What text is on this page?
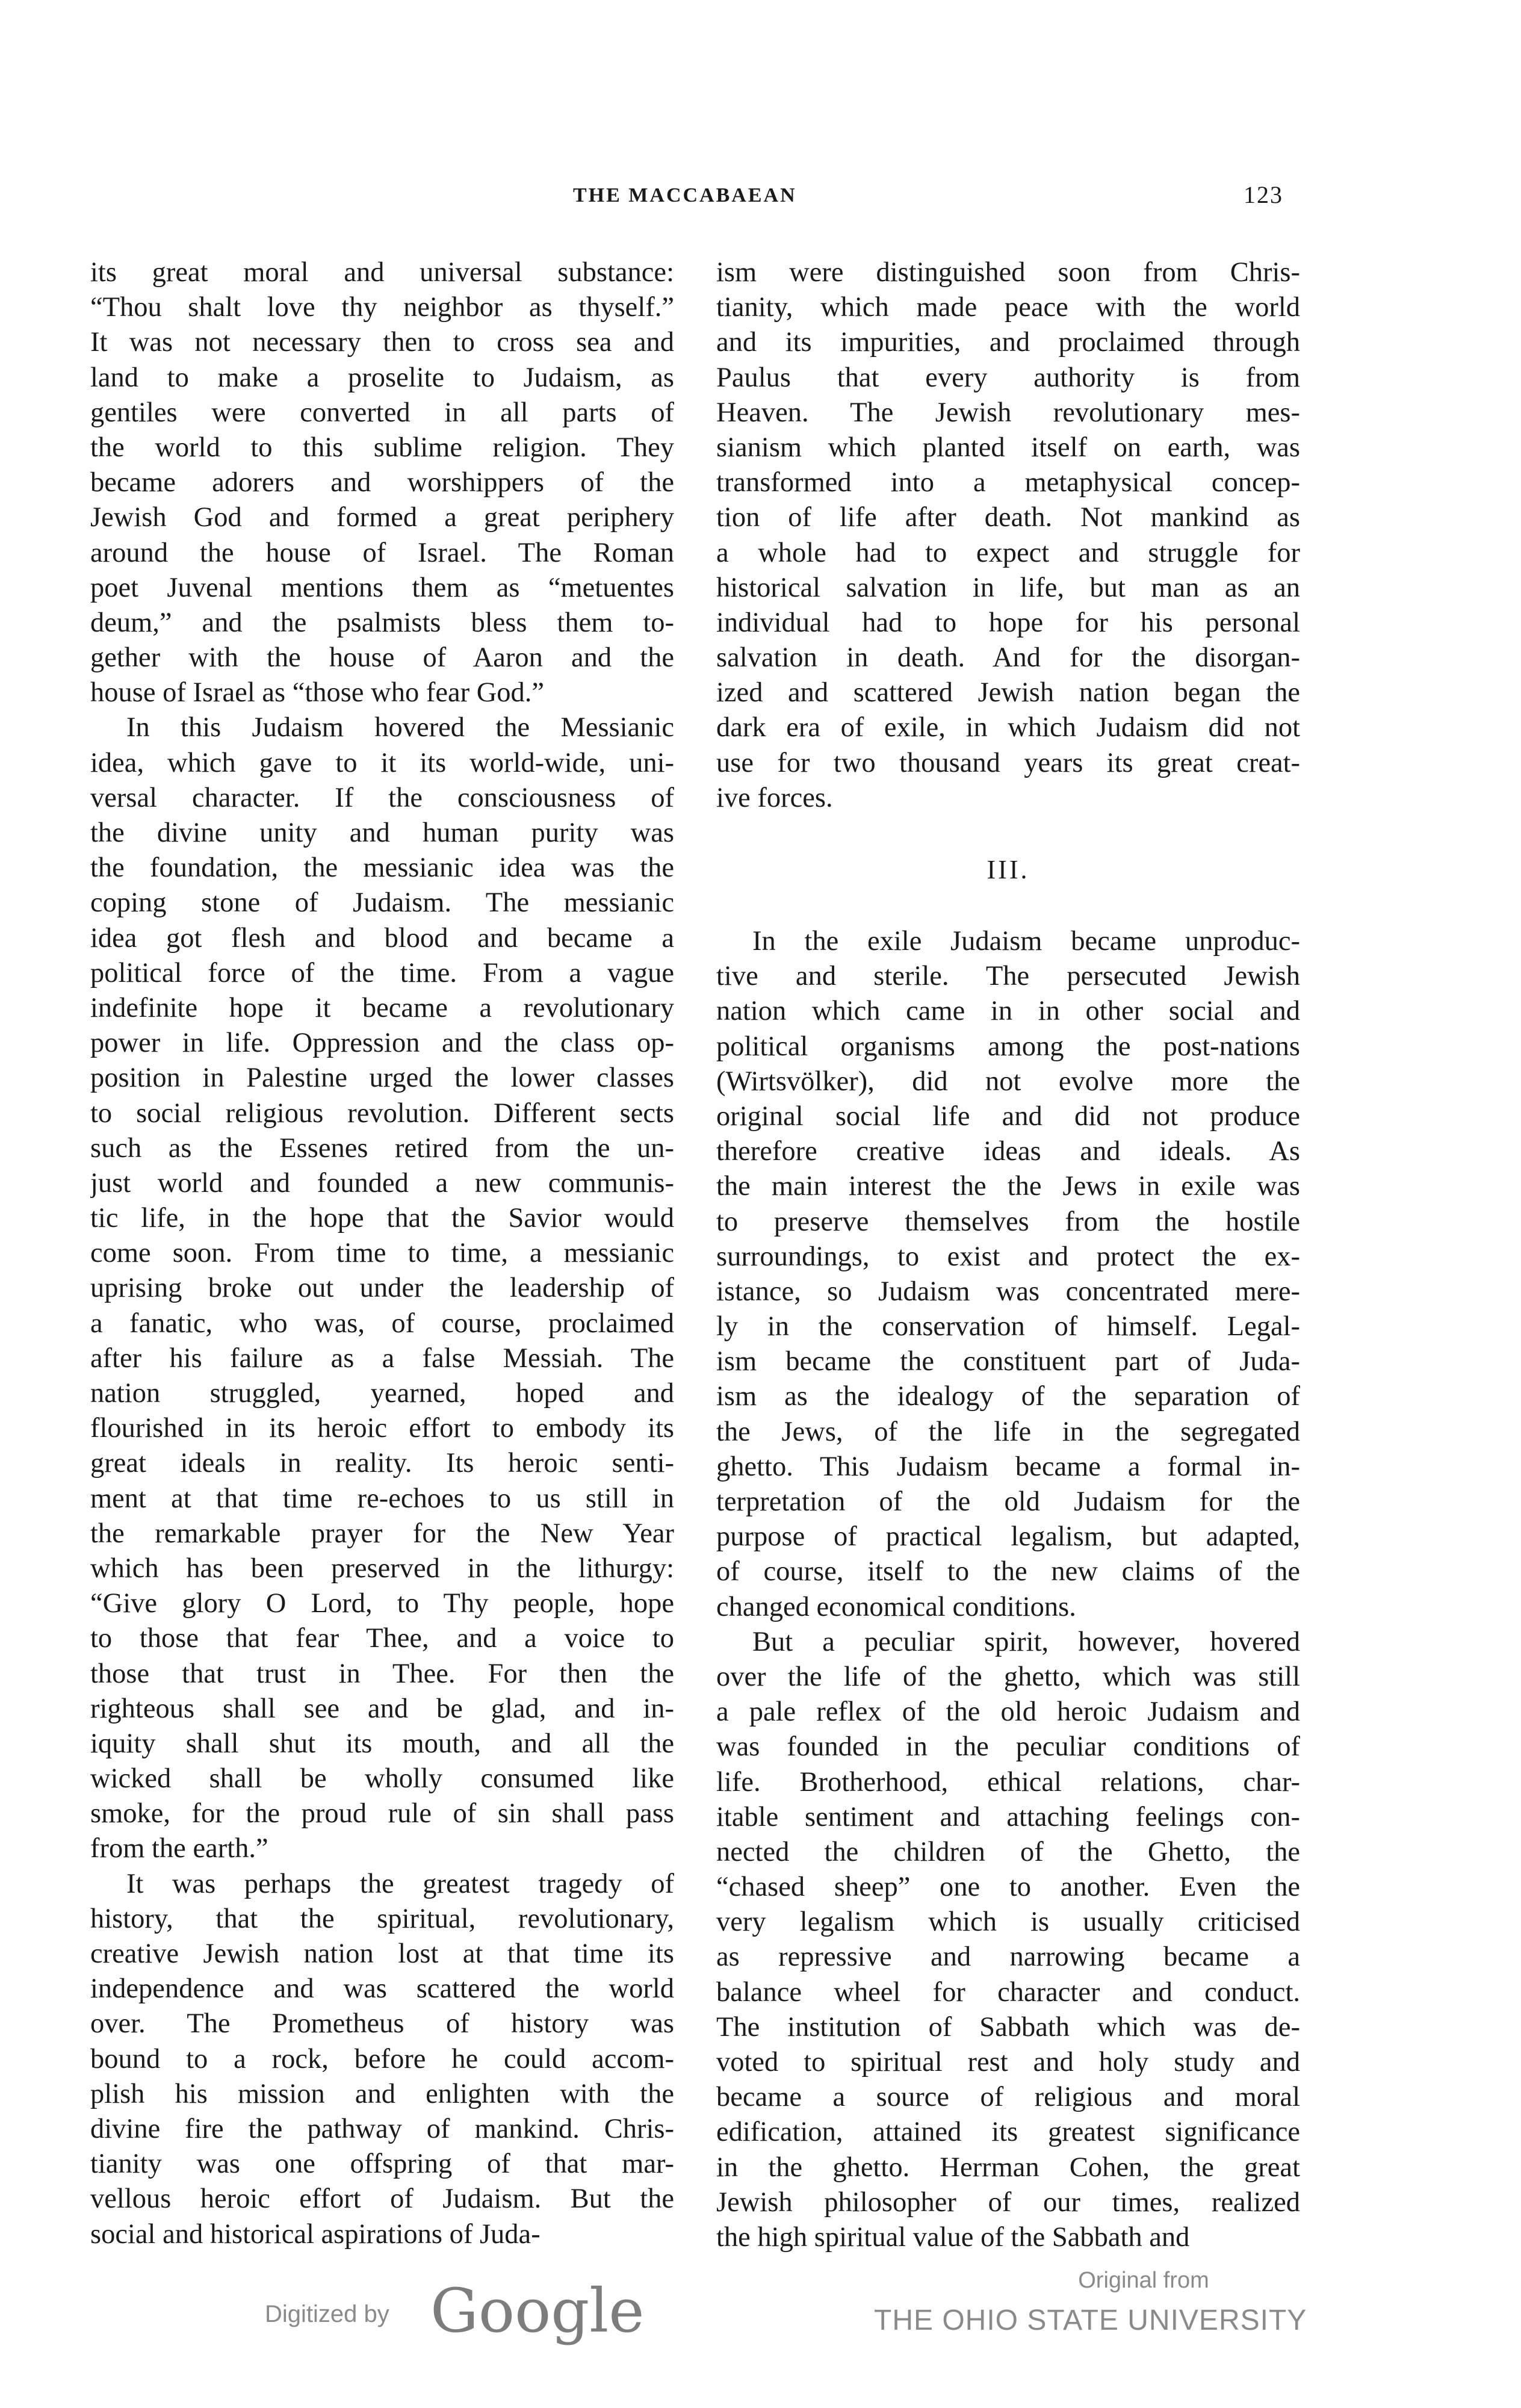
THE MACCABAEAN	123
its great moral and universal substance:
“Thou shalt love thy neighbor as thyself.”
It was not necessary then to cross sea and
land to make a proselite to Judaism, as
gentiles were converted in all parts of
the world to this sublime religion. They
became adorers and worshippers of the
Jewish God and formed a great periphery
around the house of Israel. The Roman
poet Juvenal mentions them as “metuentes
deum,” and the psalmists bless them to-
gether with the house of Aaron and the
house of Israel as “those who fear God.”
In this Judaism hovered the Messianic
idea, which gave to it its world-wide, uni-
versal character. If the consciousness of
the divine unity and human purity was
the foundation, the messianic idea was the
coping stone of Judaism. The messianic
idea got flesh and blood and became a
political force of the time. From a vague
indefinite hope it became a revolutionary
power in life. Oppression and the class op-
position in Palestine urged the lower classes
to social religious revolution. Different sects
such as the Essenes retired from the un-
just world and founded a new communis-
tic life, in the hope that the Savior would
come soon. From time to time, a messianic
uprising broke out under the leadership of
a fanatic, who was, of course, proclaimed
after his failure as a false Messiah. The
nation struggled, yearned, hoped and
flourished in its heroic effort to embody its
great ideals in reality. Its heroic senti-
ment at that time re-echoes to us still in
the remarkable prayer for the New Year
which has been preserved in the lithurgy:
“Give glory O Lord, to Thy people, hope
to those that fear Thee, and a voice to
those that trust in Thee. For then the
righteous shall see and be glad, and in-
iquity shall shut its mouth, and all the
wicked shall be wholly consumed like
smoke, for the proud rule of sin shall pass
from the earth.”
It was perhaps the greatest tragedy of
history, that the spiritual, revolutionary,
creative Jewish nation lost at that time its
independence and was scattered the world
over. The Prometheus of history was
bound to a rock, before he could accom-
plish his mission and enlighten with the
divine fire the pathway of mankind. Chris-
tianity was one offspring of that mar-
vellous heroic effort of Judaism. But the
social and historical aspirations of Juda-
ism were distinguished soon from Chris-
tianity, which made peace with the world
and its impurities, and proclaimed through
Paulus that every authority is from
Heaven. The Jewish revolutionary mes-
sianism which planted itself on earth, was
transformed into a metaphysical concep-
tion of life after death. Not mankind as
a whole had to expect and struggle for
historical salvation in life, but man as an
individual had to hope for his personal
salvation in death. And for the disorgan-
ized and scattered Jewish nation began the
dark era of exile, in which Judaism did not
use for two thousand years its great creat-
ive forces.
III.
In the exile Judaism became unproduc-
tive and sterile. The persecuted Jewish
nation which came in in other social and
political organisms among the post-nations
(Wirtsvölker), did not evolve more the
original social life and did not produce
therefore creative ideas and ideals. As
the main interest the the Jews in exile was
to preserve themselves from the hostile
surroundings, to exist and protect the ex-
istance, so Judaism was concentrated mere-
ly in the conservation of himself. Legal-
ism became the constituent part of Juda-
ism as the idealogy of the separation of
the Jews, of the life in the segregated
ghetto. This Judaism became a formal in-
terpretation of the old Judaism for the
purpose of practical legalism, but adapted,
of course, itself to the new claims of the
changed economical conditions.
But a peculiar spirit, however, hovered
over the life of the ghetto, which was still
a pale reflex of the old heroic Judaism and
was founded in the peculiar conditions of
life. Brotherhood, ethical relations, char-
itable sentiment and attaching feelings con-
nected the children of the Ghetto, the
“chased sheep” one to another. Even the
very legalism which is usually criticised
as repressive and narrowing became a
balance wheel for character and conduct.
The institution of Sabbath which was de-
voted to spiritual rest and holy study and
became a source of religious and moral
edification, attained its greatest significance
in the ghetto. Herrman Cohen, the great
Jewish philosopher of our times, realized
the high spiritual value of the Sabbath and
Digitized by Google	Original from
THE OHIO STATE UNIVERSITY
